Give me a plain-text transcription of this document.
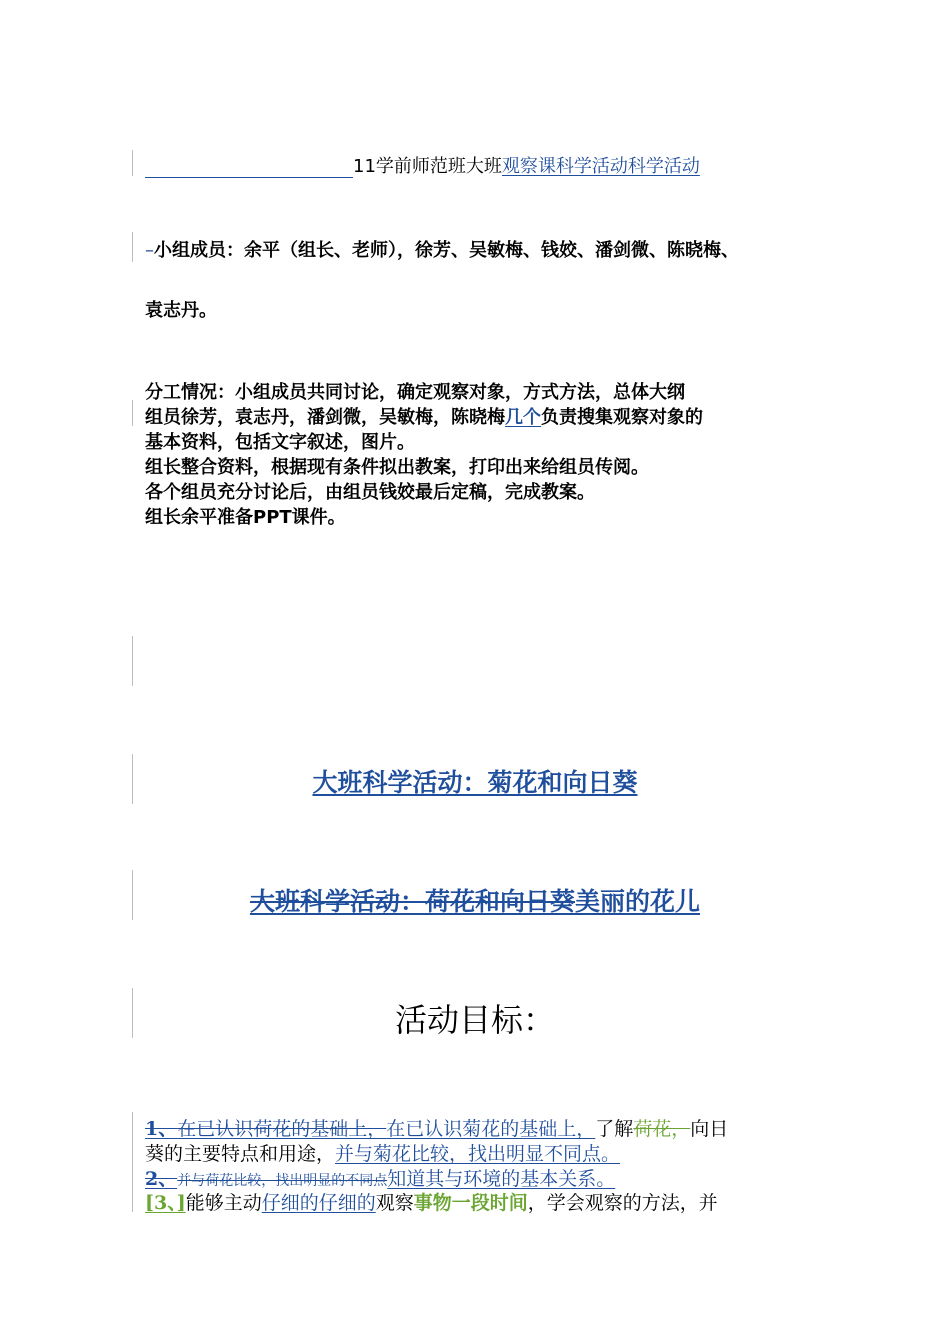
11学前师范班大班观察课科学活动科学活动
–小组成员：余平（组长、老师），徐芳、吴敏梅、钱姣、潘剑微、陈晓梅、
袁志丹。
分工情况：小组成员共同讨论，确定观察对象，方式方法，总体大纲
组员徐芳，袁志丹，潘剑微，吴敏梅，陈晓梅几个负责搜集观察对象的
基本资料，包括文字叙述，图片。
组长整合资料，根据现有条件拟出教案，打印出来给组员传阅。
各个组员充分讨论后，由组员钱姣最后定稿，完成教案。
组长余平准备PPT课件。
大班科学活动：菊花和向日葵
大班科学活动：荷花和向日葵美丽的花儿
活动目标：
1、在已认识荷花的基础上，在已认识菊花的基础上，了解荷花，向日
葵的主要特点和用途，并与菊花比较，找出明显不同点。
2、并与荷花比较，找出明显的不同点知道其与环境的基本关系。
[3、]能够主动仔细的仔细的观察事物一段时间，学会观察的方法，并
